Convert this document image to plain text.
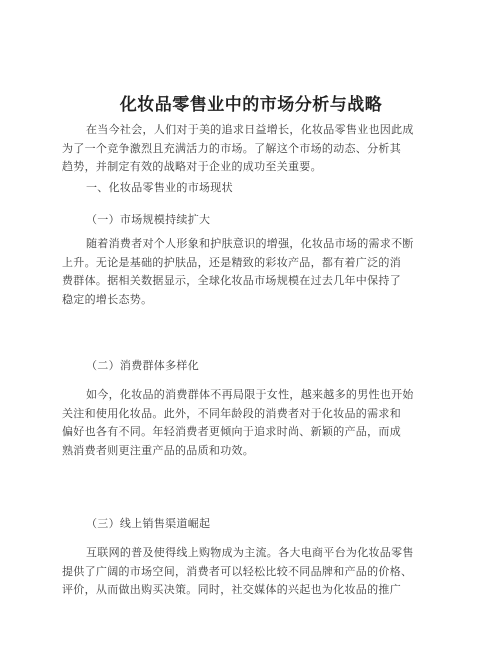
化妆品零售业中的市场分析与战略

在当今社会，人们对于美的追求日益增长，化妆品零售业也因此成
为了一个竞争激烈且充满活力的市场。了解这个市场的动态、分析其
趋势，并制定有效的战略对于企业的成功至关重要。

一、化妆品零售业的市场现状

（一）市场规模持续扩大

随着消费者对个人形象和护肤意识的增强，化妆品市场的需求不断
上升。无论是基础的护肤品，还是精致的彩妆产品，都有着广泛的消
费群体。据相关数据显示，全球化妆品市场规模在过去几年中保持了
稳定的增长态势。

（二）消费群体多样化

如今，化妆品的消费群体不再局限于女性，越来越多的男性也开始
关注和使用化妆品。此外，不同年龄段的消费者对于化妆品的需求和
偏好也各有不同。年轻消费者更倾向于追求时尚、新颖的产品，而成
熟消费者则更注重产品的品质和功效。

（三）线上销售渠道崛起

互联网的普及使得线上购物成为主流。各大电商平台为化妆品零售
提供了广阔的市场空间，消费者可以轻松比较不同品牌和产品的价格、
评价，从而做出购买决策。同时，社交媒体的兴起也为化妆品的推广
